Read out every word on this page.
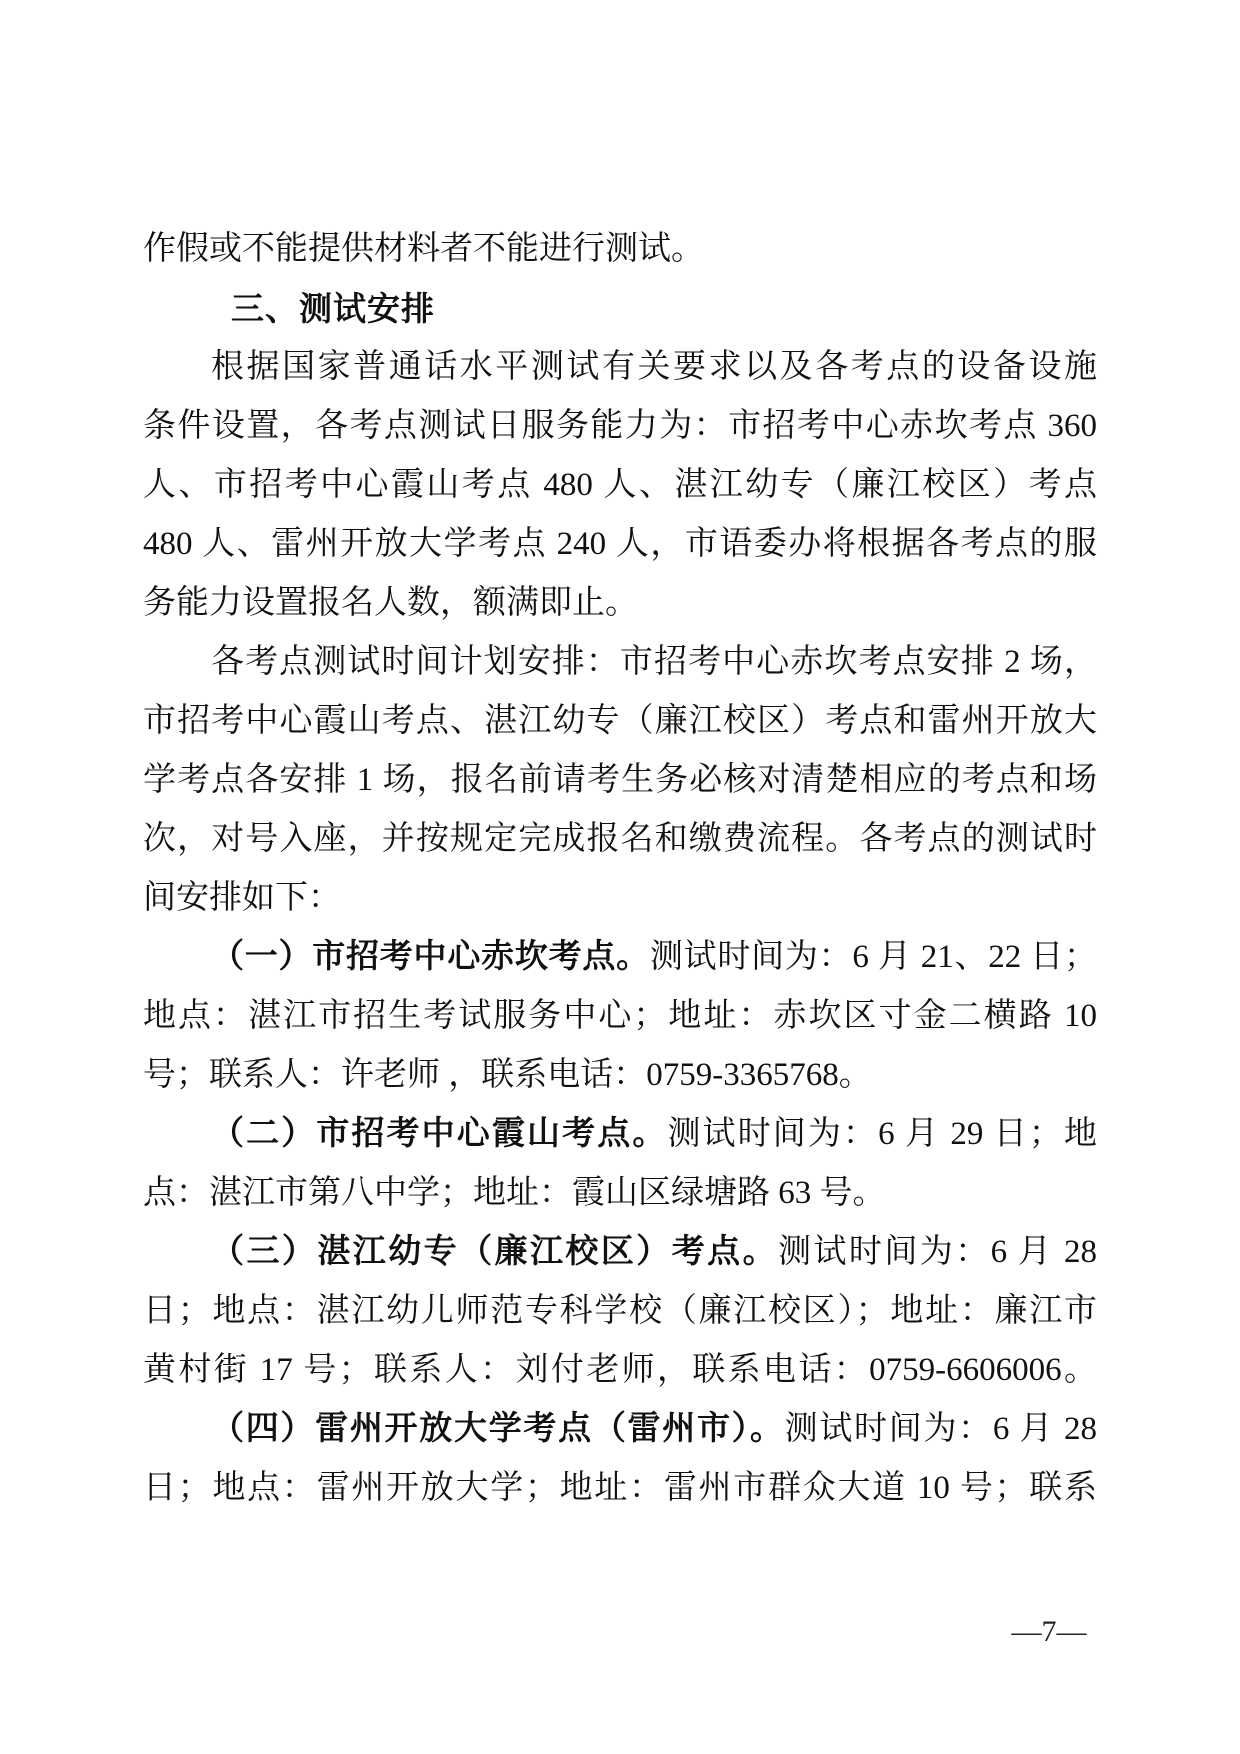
作假或不能提供材料者不能进行测试。
三、测试安排
根据国家普通话水平测试有关要求以及各考点的设备设施
条件设置，各考点测试日服务能力为：市招考中心赤坎考点 360
人、市招考中心霞山考点 480 人、湛江幼专（廉江校区）考点
480 人、雷州开放大学考点 240 人，市语委办将根据各考点的服
务能力设置报名人数，额满即止。
各考点测试时间计划安排：市招考中心赤坎考点安排 2 场，
市招考中心霞山考点、湛江幼专（廉江校区）考点和雷州开放大
学考点各安排 1 场，报名前请考生务必核对清楚相应的考点和场
次，对号入座，并按规定完成报名和缴费流程。各考点的测试时
间安排如下：
（一）市招考中心赤坎考点。测试时间为：6 月 21、22 日；
地点：湛江市招生考试服务中心；地址：赤坎区寸金二横路 10
号；联系人：许老师 ，联系电话：0759-3365768。
（二）市招考中心霞山考点。测试时间为：6 月 29 日；地
点：湛江市第八中学；地址：霞山区绿塘路 63 号。
（三）湛江幼专（廉江校区）考点。测试时间为：6 月 28
日；地点：湛江幼儿师范专科学校（廉江校区）；地址：廉江市
黄村街 17 号；联系人：刘付老师，联系电话：0759-6606006。
（四）雷州开放大学考点（雷州市）。测试时间为：6 月 28
日；地点：雷州开放大学；地址：雷州市群众大道 10 号；联系
—7—
